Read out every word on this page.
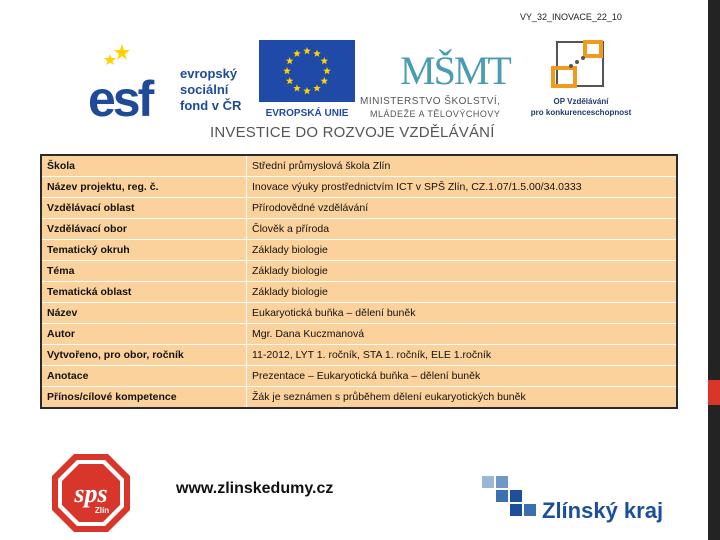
VY_32_INOVACE_22_10
esf evropský
sociální
fond v ČR
EVROPSKÁ UNIE
MŠMT
MINISTERSTVO ŠKOLSTVÍ,
MLÁDEŽE A TĚLOVÝCHOVY
OP Vzdělávání
pro konkurenceschopnost
INVESTICE DO ROZVOJE VZDĚLÁVÁNÍ
Škola	Střední průmyslová škola Zlín
Název projektu, reg. č.	Inovace výuky prostřednictvím ICT v SPŠ Zlín, CZ.1.07/1.5.00/34.0333
Vzdělávací oblast	Přírodovědné vzdělávání
Vzdělávací obor	Člověk a příroda
Tematický okruh	Základy biologie
Téma	Základy biologie
Tematická oblast	Základy biologie
Název	Eukaryotická buňka – dělení buněk
Autor	Mgr. Dana Kuczmanová
Vytvořeno, pro obor, ročník	11-2012, LYT 1. ročník, STA 1. ročník, ELE 1.ročník
Anotace	Prezentace – Eukaryotická buňka – dělení buněk
Přínos/cílové kompetence	Žák je seznámen s průběhem dělení eukaryotických buněk
sps
Zlín
www.zlinskedumy.cz
Zlínský kraj
